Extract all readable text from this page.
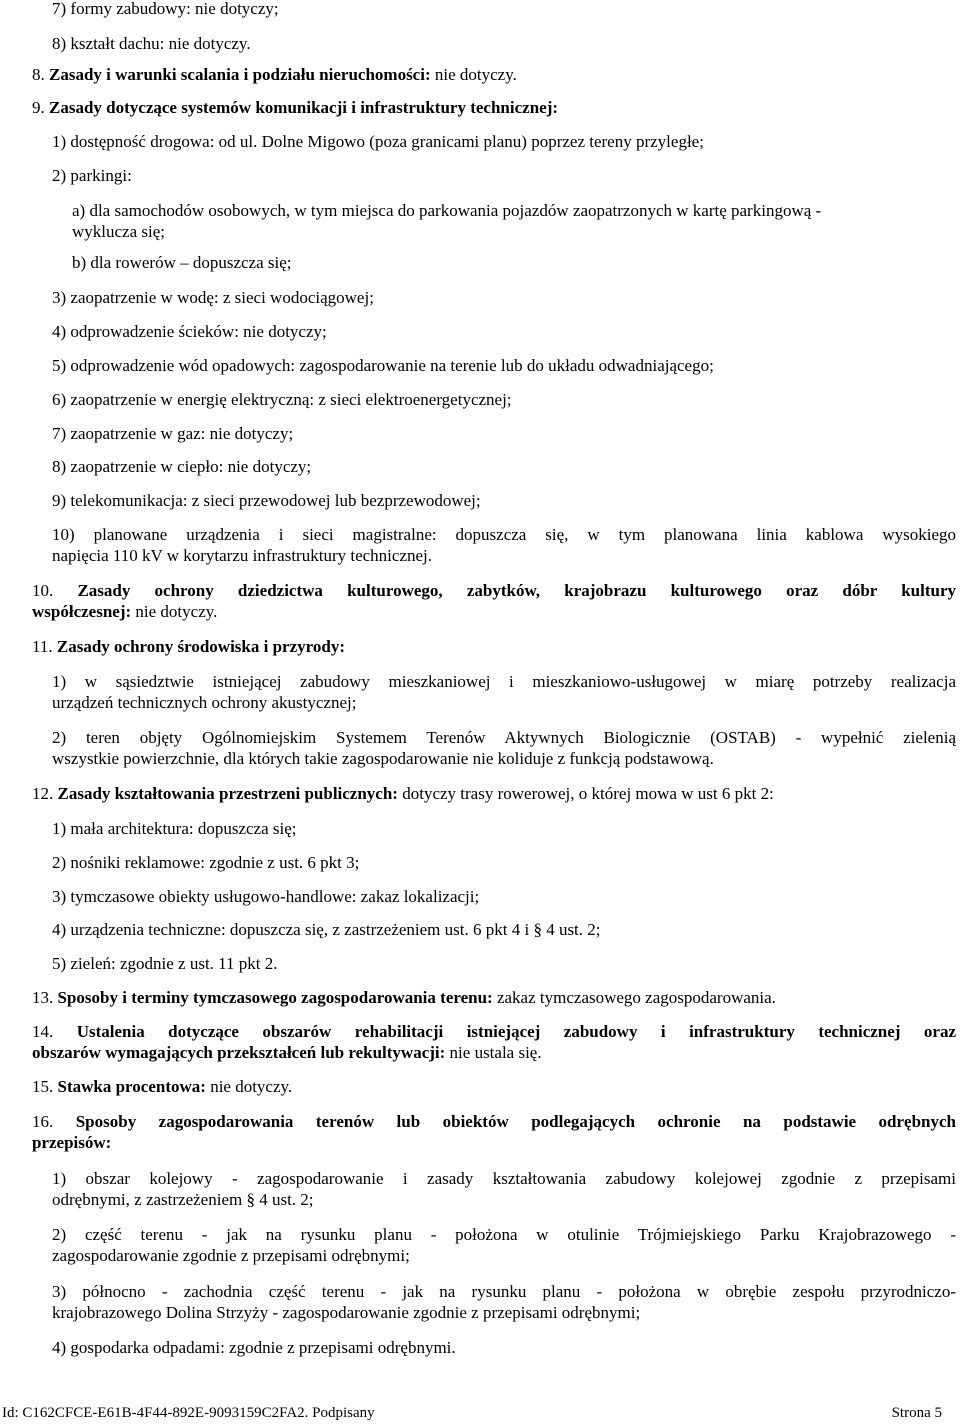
7) formy zabudowy: nie dotyczy;

8) kształt dachu: nie dotyczy.

8. Zasady i warunki scalania i podziału nieruchomości: nie dotyczy.

9. Zasady dotyczące systemów komunikacji i infrastruktury technicznej:

1) dostępność drogowa: od ul. Dolne Migowo (poza granicami planu) poprzez tereny przyległe;

2) parkingi:

a) dla samochodów osobowych, w tym miejsca do parkowania pojazdów zaopatrzonych w kartę parkingową -

wyklucza się;

b) dla rowerów – dopuszcza się;

3) zaopatrzenie w wodę: z sieci wodociągowej;

4) odprowadzenie ścieków: nie dotyczy;

5) odprowadzenie wód opadowych: zagospodarowanie na terenie lub do układu odwadniającego;

6) zaopatrzenie w energię elektryczną: z sieci elektroenergetycznej;

7) zaopatrzenie w gaz: nie dotyczy;

8) zaopatrzenie w ciepło: nie dotyczy;

9) telekomunikacja: z sieci przewodowej lub bezprzewodowej;

10) planowane urządzenia i sieci magistralne: dopuszcza się, w tym planowana linia kablowa wysokiego

napięcia 110 kV w korytarzu infrastruktury technicznej.

10. Zasady ochrony dziedzictwa kulturowego, zabytków, krajobrazu kulturowego oraz dóbr kultury

współczesnej: nie dotyczy.

11. Zasady ochrony środowiska i przyrody:

1) w sąsiedztwie istniejącej zabudowy mieszkaniowej i mieszkaniowo-usługowej w miarę potrzeby realizacja

urządzeń technicznych ochrony akustycznej;

2) teren objęty Ogólnomiejskim Systemem Terenów Aktywnych Biologicznie (OSTAB) - wypełnić zielenią

wszystkie powierzchnie, dla których takie zagospodarowanie nie koliduje z funkcją podstawową.

12. Zasady kształtowania przestrzeni publicznych: dotyczy trasy rowerowej, o której mowa w ust 6 pkt 2:

1) mała architektura: dopuszcza się;

2) nośniki reklamowe: zgodnie z ust. 6 pkt 3;

3) tymczasowe obiekty usługowo-handlowe: zakaz lokalizacji;

4) urządzenia techniczne: dopuszcza się, z zastrzeżeniem ust. 6 pkt 4 i § 4 ust. 2;

5) zieleń: zgodnie z ust. 11 pkt 2.

13. Sposoby i terminy tymczasowego zagospodarowania terenu: zakaz tymczasowego zagospodarowania.

14. Ustalenia dotyczące obszarów rehabilitacji istniejącej zabudowy i infrastruktury technicznej oraz

obszarów wymagających przekształceń lub rekultywacji: nie ustala się.

15. Stawka procentowa: nie dotyczy.

16. Sposoby zagospodarowania terenów lub obiektów podlegających ochronie na podstawie odrębnych

przepisów:

1) obszar kolejowy - zagospodarowanie i zasady kształtowania zabudowy kolejowej zgodnie z przepisami

odrębnymi, z zastrzeżeniem § 4 ust. 2;

2) część terenu - jak na rysunku planu - położona w otulinie Trójmiejskiego Parku Krajobrazowego -

zagospodarowanie zgodnie z przepisami odrębnymi;

3) północno - zachodnia część terenu - jak na rysunku planu - położona w obrębie zespołu przyrodniczo-

krajobrazowego Dolina Strzyży - zagospodarowanie zgodnie z przepisami odrębnymi;

4) gospodarka odpadami: zgodnie z przepisami odrębnymi.

Id: C162CFCE-E61B-4F44-892E-9093159C2FA2. Podpisany	Strona 5
